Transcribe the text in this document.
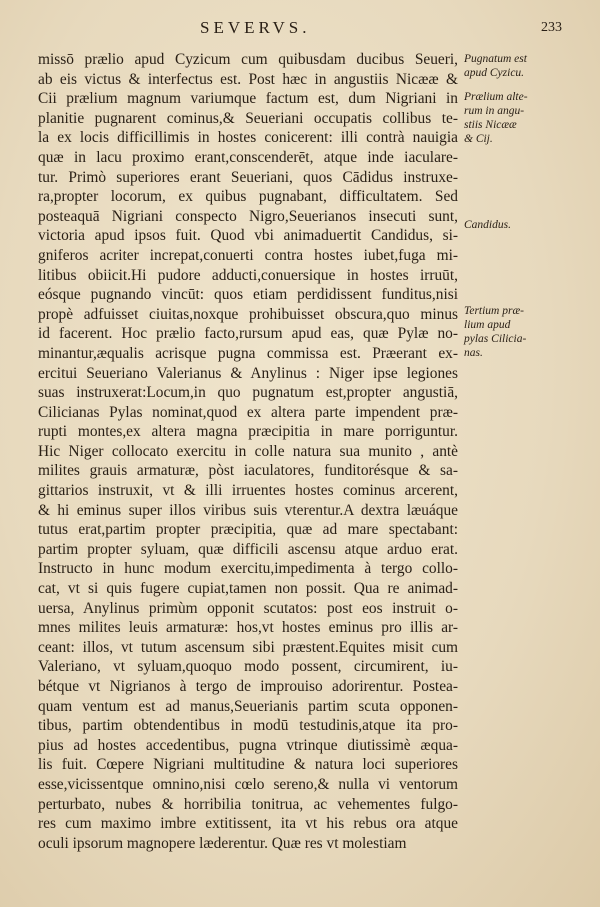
SEVERVS.	233
missō prælio apud Cyzicum cum quibusdam ducibus Seueri,
ab eis victus & interfectus est. Post hæc in angustiis Nicææ &
Cii prælium magnum variumque factum est, dum Nigriani in
planitie pugnarent cominus,& Seueriani occupatis collibus te-
la ex locis difficillimis in hostes conicerent: illi contrà nauigia
quæ in lacu proximo erant,conscenderēt, atque inde iaculare-
tur. Primò superiores erant Seueriani, quos Cādidus instruxe-
ra,propter locorum, ex quibus pugnabant, difficultatem. Sed
posteaquā Nigriani conspecto Nigro,Seuerianos insecuti sunt,
victoria apud ipsos fuit. Quod vbi animaduertit Candidus, si-
gniferos acriter increpat,conuerti contra hostes iubet,fuga mi-
litibus obiicit.Hi pudore adducti,conuersique in hostes irruūt,
eósque pugnando vincūt: quos etiam perdidissent funditus,nisi
propè adfuisset ciuitas,noxque prohibuisset obscura,quo minus
id facerent. Hoc prælio facto,rursum apud eas, quæ Pylæ no-
minantur,æqualis acrisque pugna commissa est. Præerant ex-
ercitui Seueriano Valerianus & Anylinus : Niger ipse legiones
suas instruxerat:Locum,in quo pugnatum est,propter angustiā,
Cilicianas Pylas nominat,quod ex altera parte impendent præ-
rupti montes,ex altera magna præcipitia in mare porriguntur.
Hic Niger collocato exercitu in colle natura sua munito , antè
milites grauis armaturæ, pòst iaculatores, funditorésque & sa-
gittarios instruxit, vt & illi irruentes hostes cominus arcerent,
& hi eminus super illos viribus suis vterentur.A dextra læuáque
tutus erat,partim propter præcipitia, quæ ad mare spectabant:
partim propter syluam, quæ difficili ascensu atque arduo erat.
Instructo in hunc modum exercitu,impedimenta à tergo collo-
cat, vt si quis fugere cupiat,tamen non possit. Qua re animad-
uersa, Anylinus primùm opponit scutatos: post eos instruit o-
mnes milites leuis armaturæ: hos,vt hostes eminus pro illis ar-
ceant: illos, vt tutum ascensum sibi præstent.Equites misit cum
Valeriano, vt syluam,quoquo modo possent, circumirent, iu-
bétque vt Nigrianos à tergo de improuiso adorirentur. Postea-
quam ventum est ad manus,Seuerianis partim scuta opponen-
tibus, partim obtendentibus in modū testudinis,atque ita pro-
pius ad hostes accedentibus, pugna vtrinque diutissimè æqua-
lis fuit. Cœpere Nigriani multitudine & natura loci superiores
esse,vicissentque omnino,nisi cœlo sereno,& nulla vi ventorum
perturbato, nubes & horribilia tonitrua, ac vehementes fulgo-
res cum maximo imbre extitissent, ita vt his rebus ora atque
oculi ipsorum magnopere læderentur. Quæ res vt molestiam
Pugnatum est
apud Cyzicu.
Prælium alte-
rum in angu-
stiis Nicææ
& Cij.
Candidus.
Tertium præ-
lium apud
pylas Cilicia-
nas.
